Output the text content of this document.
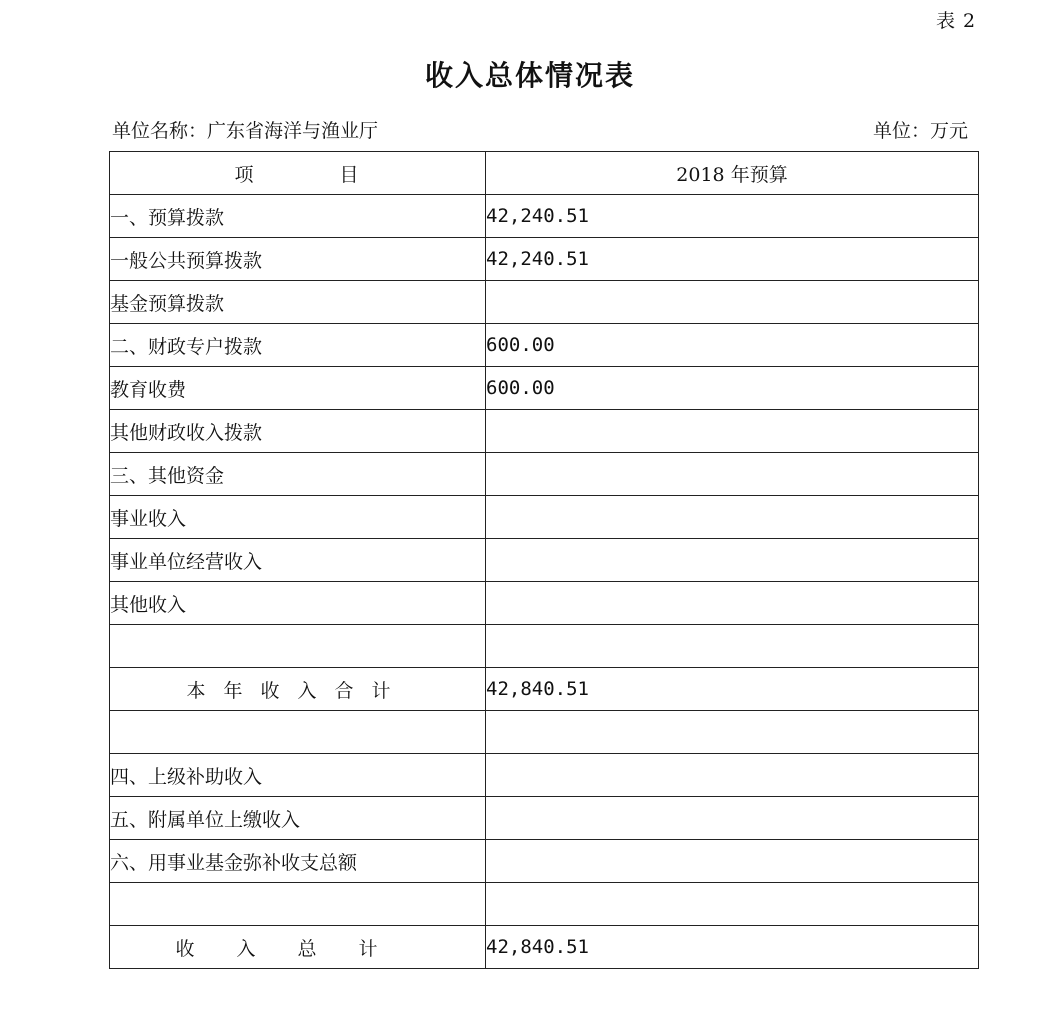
表 2
收入总体情况表
单位名称：广东省海洋与渔业厅	单位：万元
项 目	2018 年预算
一、预算拨款	42,240.51
一般公共预算拨款	42,240.51
基金预算拨款	
二、财政专户拨款	600.00
教育收费	600.00
其他财政收入拨款	
三、其他资金	
事业收入	
事业单位经营收入	
其他收入	

本年收入合计	42,840.51

四、上级补助收入	
五、附属单位上缴收入	
六、用事业基金弥补收支总额	

收入总计	42,840.51
